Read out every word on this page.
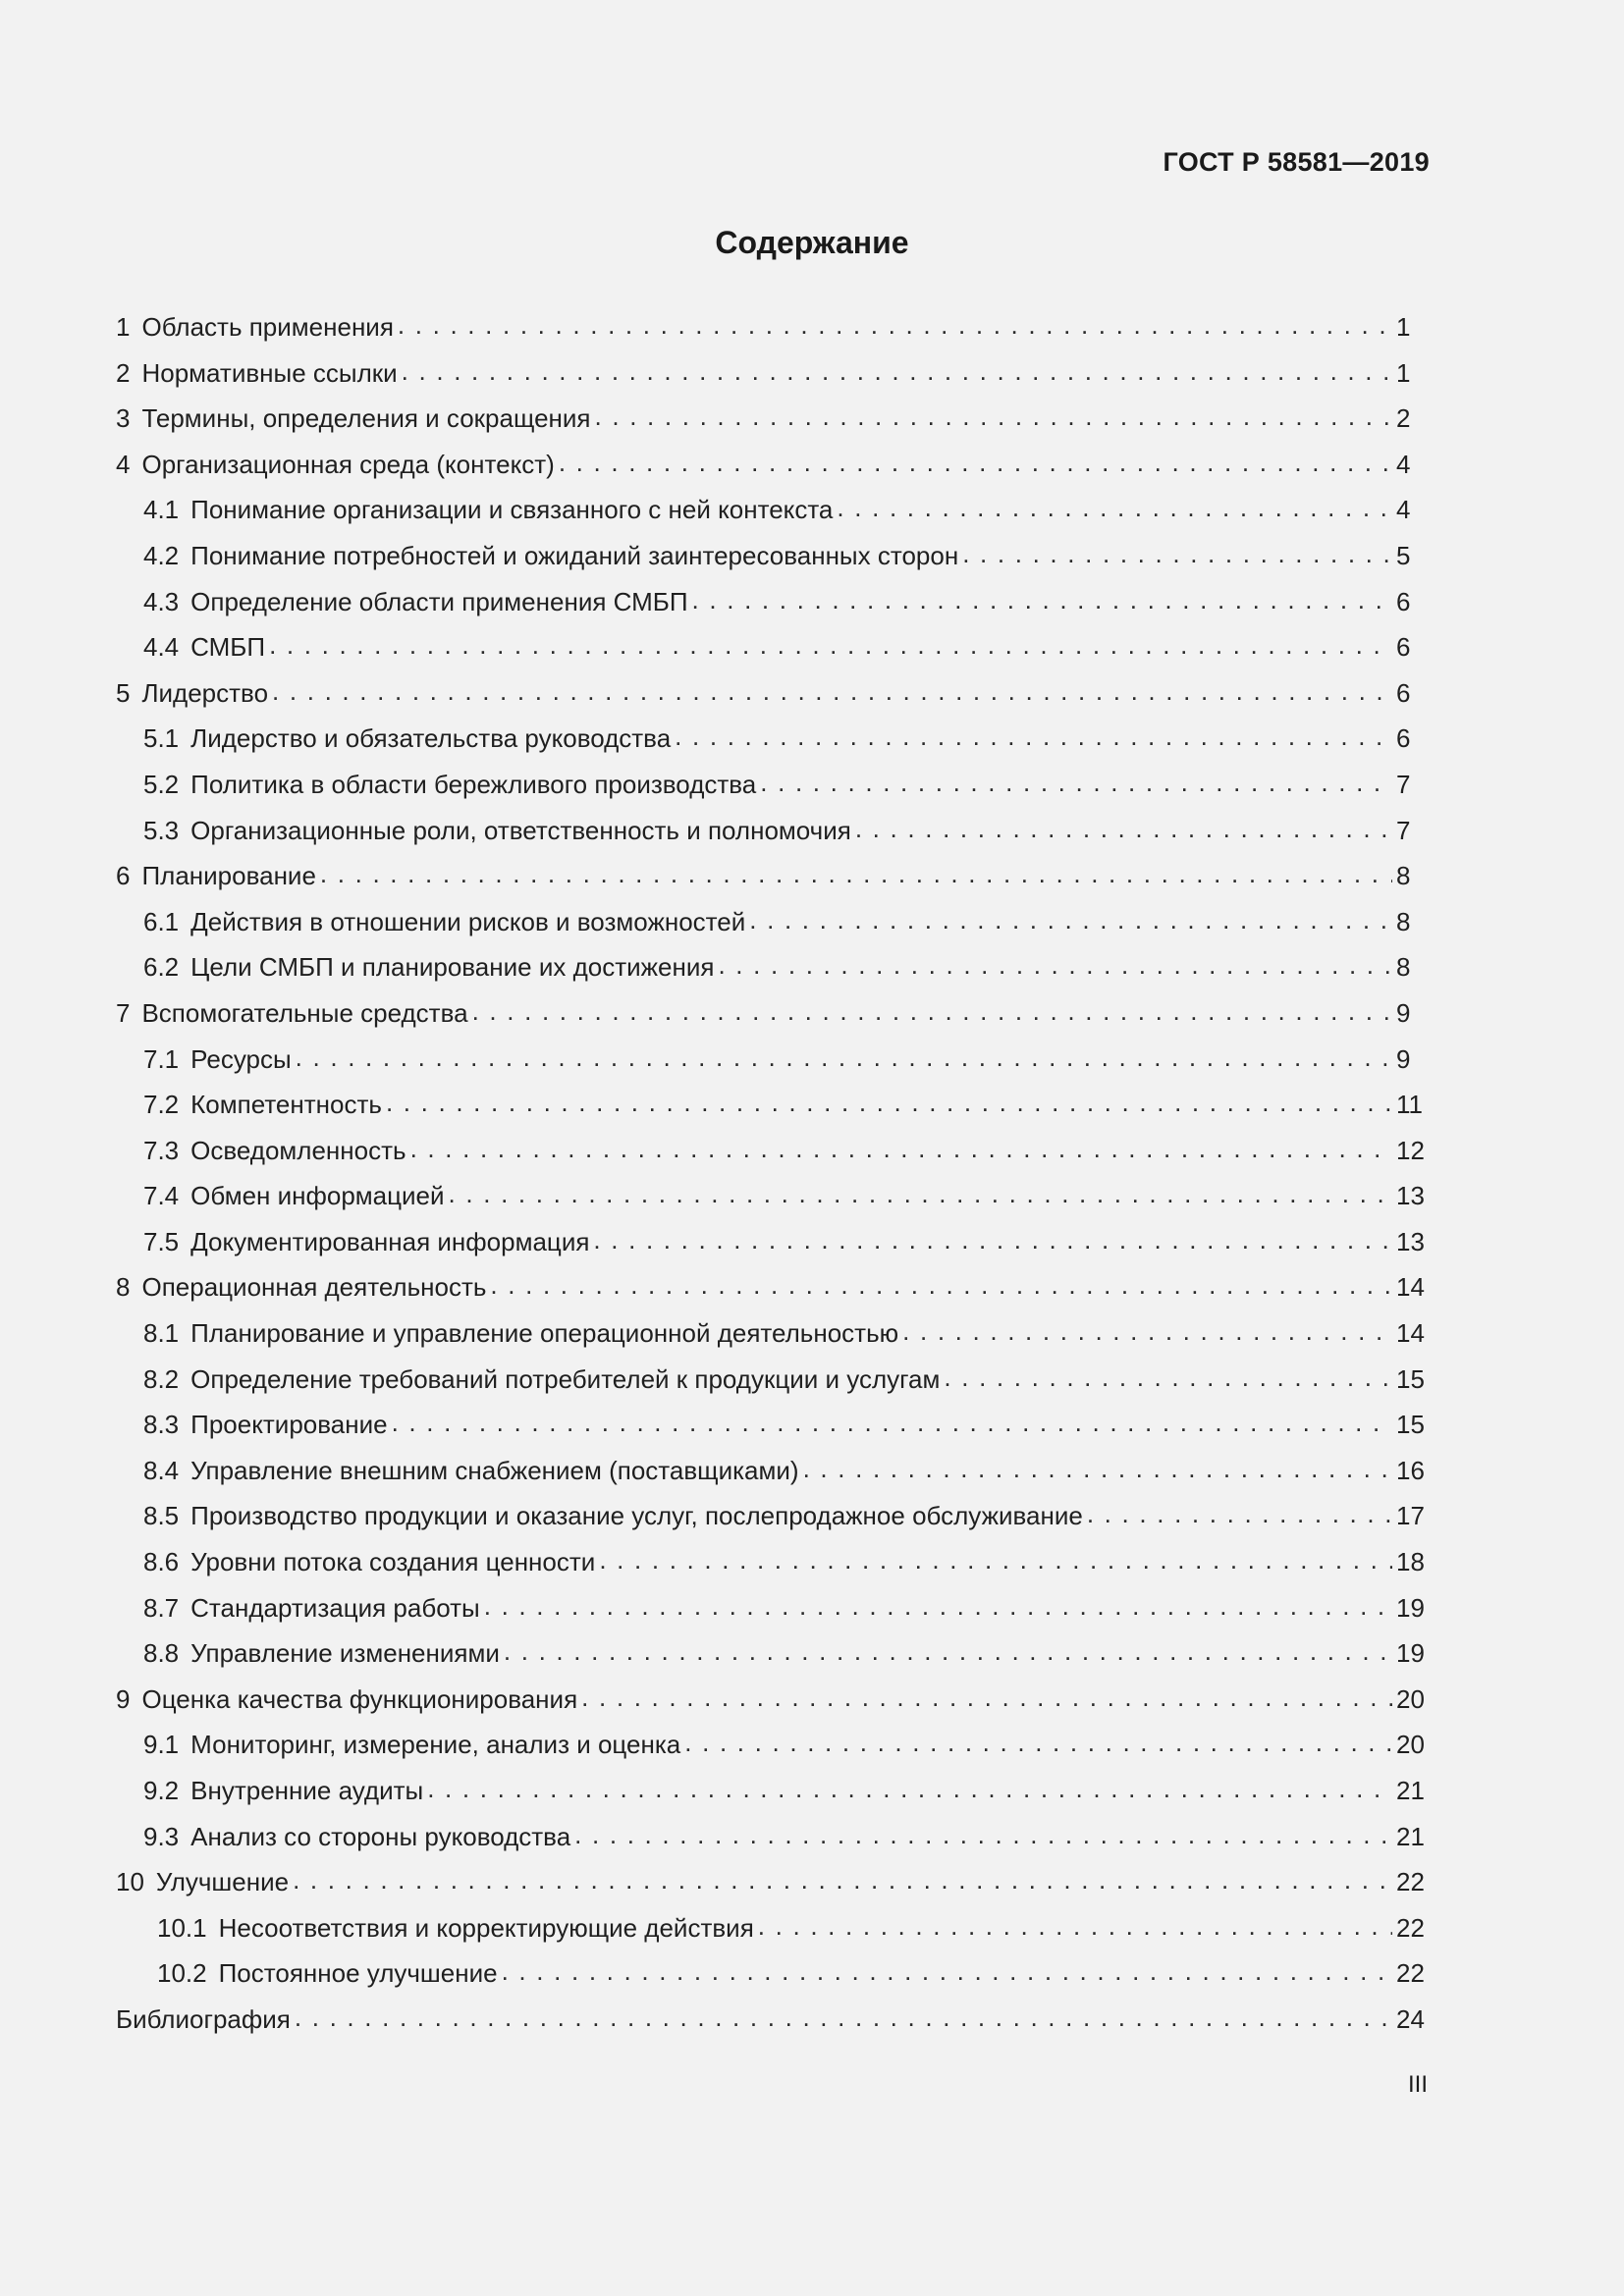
ГОСТ Р 58581—2019
Содержание
1 Область применения . . .	1
2 Нормативные ссылки . . .	1
3 Термины, определения и сокращения . . .	2
4 Организационная среда (контекст) . . .	4
4.1 Понимание организации и связанного с ней контекста . . .	4
4.2 Понимание потребностей и ожиданий заинтересованных сторон . . .	5
4.3 Определение области применения СМБП . . .	6
4.4 СМБП . . .	6
5 Лидерство . . .	6
5.1 Лидерство и обязательства руководства . . .	6
5.2 Политика в области бережливого производства . . .	7
5.3 Организационные роли, ответственность и полномочия . . .	7
6 Планирование . . .	8
6.1 Действия в отношении рисков и возможностей . . .	8
6.2 Цели СМБП и планирование их достижения . . .	8
7 Вспомогательные средства . . .	9
7.1 Ресурсы . . .	9
7.2 Компетентность . . .	11
7.3 Осведомленность . . .	12
7.4 Обмен информацией . . .	13
7.5 Документированная информация . . .	13
8 Операционная деятельность . . .	14
8.1 Планирование и управление операционной деятельностью . . .	14
8.2 Определение требований потребителей к продукции и услугам . . .	15
8.3 Проектирование . . .	15
8.4 Управление внешним снабжением (поставщиками) . . .	16
8.5 Производство продукции и оказание услуг, послепродажное обслуживание . . .	17
8.6 Уровни потока создания ценности . . .	18
8.7 Стандартизация работы . . .	19
8.8 Управление изменениями . . .	19
9 Оценка качества функционирования . . .	20
9.1 Мониторинг, измерение, анализ и оценка . . .	20
9.2 Внутренние аудиты . . .	21
9.3 Анализ со стороны руководства . . .	21
10 Улучшение . . .	22
10.1 Несоответствия и корректирующие действия . . .	22
10.2 Постоянное улучшение . . .	22
Библиография . . .	24
III
